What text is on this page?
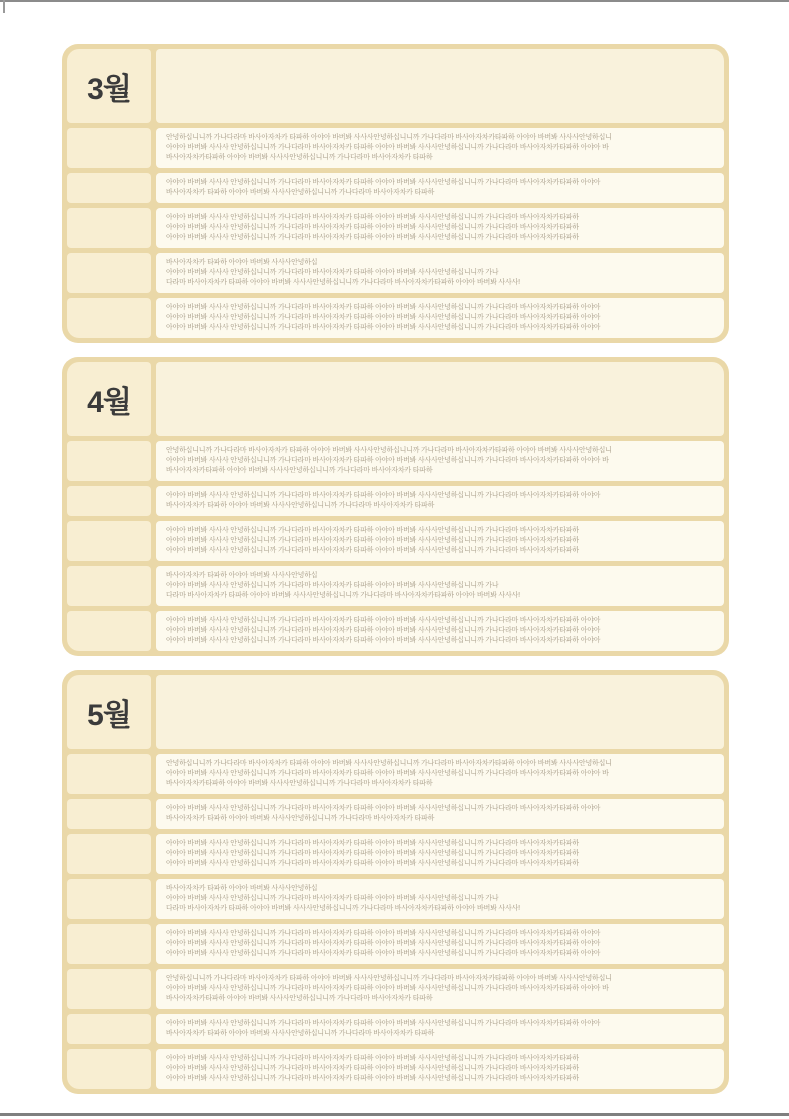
3월
안녕하십니니까 가나다라마 바사아자차카 타파하 아야아 바버봐 사사사안녕하십니니까 가나다라마 바사아자차카타파하 아야아 바버봐 사사사안녕하십니
아야아 바버봐 사사사 안녕하십니니까 가나다라마 바사아자차카 타파하 아야아 바버봐 사사사안녕하십니니까 가나다라마 바사아자차카타파하 아야아 바
바사아자차카타파하 아야아 바버봐 사사사안녕하십니니까 가나다라마 바사아자차카 타파하
아야아 바버봐 사사사 안녕하십니니까 가나다라마 바사아자차카 타파하 아야아 바버봐 사사사안녕하십니니까 가나다라마 바사아자차카타파하 아야아
바사아자차카 타파하 아야아 바버봐 사사사안녕하십니니까 가나다라마 바사아자차카 타파하
아야아 바버봐 사사사 안녕하십니니까 가나다라마 바사아자차카 타파하 아야아 바버봐 사사사안녕하십니니까 가나다라마 바사아자차카타파하
아야아 바버봐 사사사 안녕하십니니까 가나다라마 바사아자차카 타파하 아야아 바버봐 사사사안녕하십니니까 가나다라마 바사아자차카타파하
아야아 바버봐 사사사 안녕하십니니까 가나다라마 바사아자차카 타파하 아야아 바버봐 사사사안녕하십니니까 가나다라마 바사아자차카타파하
바사아자차카 타파하 아야아 바버봐 사사사안녕하십
아야아 바버봐 사사사 안녕하십니니까 가나다라마 바사아자차카 타파하 아야아 바버봐 사사사안녕하십니니까 가나
다라마 바사아자차카 타파하 아야아 바버봐 사사사안녕하십니니까 가나다라마 바사아자차카타파하 아야아 바버봐 사사사!
아야아 바버봐 사사사 안녕하십니니까 가나다라마 바사아자차카 타파하 아야아 바버봐 사사사안녕하십니니까 가나다라마 바사아자차카타파하 아야아
아야아 바버봐 사사사 안녕하십니니까 가나다라마 바사아자차카 타파하 아야아 바버봐 사사사안녕하십니니까 가나다라마 바사아자차카타파하 아야아
아야아 바버봐 사사사 안녕하십니니까 가나다라마 바사아자차카 타파하 아야아 바버봐 사사사안녕하십니니까 가나다라마 바사아자차카타파하 아야아
4월
안녕하십니니까 가나다라마 바사아자차카 타파하 아야아 바버봐 사사사안녕하십니니까 가나다라마 바사아자차카타파하 아야아 바버봐 사사사안녕하십니
아야아 바버봐 사사사 안녕하십니니까 가나다라마 바사아자차카 타파하 아야아 바버봐 사사사안녕하십니니까 가나다라마 바사아자차카타파하 아야아 바
바사아자차카타파하 아야아 바버봐 사사사안녕하십니니까 가나다라마 바사아자차카 타파하
아야아 바버봐 사사사 안녕하십니니까 가나다라마 바사아자차카 타파하 아야아 바버봐 사사사안녕하십니니까 가나다라마 바사아자차카타파하 아야아
바사아자차카 타파하 아야아 바버봐 사사사안녕하십니니까 가나다라마 바사아자차카 타파하
아야아 바버봐 사사사 안녕하십니니까 가나다라마 바사아자차카 타파하 아야아 바버봐 사사사안녕하십니니까 가나다라마 바사아자차카타파하
아야아 바버봐 사사사 안녕하십니니까 가나다라마 바사아자차카 타파하 아야아 바버봐 사사사안녕하십니니까 가나다라마 바사아자차카타파하
아야아 바버봐 사사사 안녕하십니니까 가나다라마 바사아자차카 타파하 아야아 바버봐 사사사안녕하십니니까 가나다라마 바사아자차카타파하
바사아자차카 타파하 아야아 바버봐 사사사안녕하십
아야아 바버봐 사사사 안녕하십니니까 가나다라마 바사아자차카 타파하 아야아 바버봐 사사사안녕하십니니까 가나
다라마 바사아자차카 타파하 아야아 바버봐 사사사안녕하십니니까 가나다라마 바사아자차카타파하 아야아 바버봐 사사사!
아야아 바버봐 사사사 안녕하십니니까 가나다라마 바사아자차카 타파하 아야아 바버봐 사사사안녕하십니니까 가나다라마 바사아자차카타파하 아야아
아야아 바버봐 사사사 안녕하십니니까 가나다라마 바사아자차카 타파하 아야아 바버봐 사사사안녕하십니니까 가나다라마 바사아자차카타파하 아야아
아야아 바버봐 사사사 안녕하십니니까 가나다라마 바사아자차카 타파하 아야아 바버봐 사사사안녕하십니니까 가나다라마 바사아자차카타파하 아야아
5월
안녕하십니니까 가나다라마 바사아자차카 타파하 아야아 바버봐 사사사안녕하십니니까 가나다라마 바사아자차카타파하 아야아 바버봐 사사사안녕하십니
아야아 바버봐 사사사 안녕하십니니까 가나다라마 바사아자차카 타파하 아야아 바버봐 사사사안녕하십니니까 가나다라마 바사아자차카타파하 아야아 바
바사아자차카타파하 아야아 바버봐 사사사안녕하십니니까 가나다라마 바사아자차카 타파하
아야아 바버봐 사사사 안녕하십니니까 가나다라마 바사아자차카 타파하 아야아 바버봐 사사사안녕하십니니까 가나다라마 바사아자차카타파하 아야아
바사아자차카 타파하 아야아 바버봐 사사사안녕하십니니까 가나다라마 바사아자차카 타파하
아야아 바버봐 사사사 안녕하십니니까 가나다라마 바사아자차카 타파하 아야아 바버봐 사사사안녕하십니니까 가나다라마 바사아자차카타파하
아야아 바버봐 사사사 안녕하십니니까 가나다라마 바사아자차카 타파하 아야아 바버봐 사사사안녕하십니니까 가나다라마 바사아자차카타파하
아야아 바버봐 사사사 안녕하십니니까 가나다라마 바사아자차카 타파하 아야아 바버봐 사사사안녕하십니니까 가나다라마 바사아자차카타파하
바사아자차카 타파하 아야아 바버봐 사사사안녕하십
아야아 바버봐 사사사 안녕하십니니까 가나다라마 바사아자차카 타파하 아야아 바버봐 사사사안녕하십니니까 가나
다라마 바사아자차카 타파하 아야아 바버봐 사사사안녕하십니니까 가나다라마 바사아자차카타파하 아야아 바버봐 사사사!
아야아 바버봐 사사사 안녕하십니니까 가나다라마 바사아자차카 타파하 아야아 바버봐 사사사안녕하십니니까 가나다라마 바사아자차카타파하 아야아
아야아 바버봐 사사사 안녕하십니니까 가나다라마 바사아자차카 타파하 아야아 바버봐 사사사안녕하십니니까 가나다라마 바사아자차카타파하 아야아
아야아 바버봐 사사사 안녕하십니니까 가나다라마 바사아자차카 타파하 아야아 바버봐 사사사안녕하십니니까 가나다라마 바사아자차카타파하 아야아
안녕하십니니까 가나다라마 바사아자차카 타파하 아야아 바버봐 사사사안녕하십니니까 가나다라마 바사아자차카타파하 아야아 바버봐 사사사안녕하십니
아야아 바버봐 사사사 안녕하십니니까 가나다라마 바사아자차카 타파하 아야아 바버봐 사사사안녕하십니니까 가나다라마 바사아자차카타파하 아야아 바
바사아자차카타파하 아야아 바버봐 사사사안녕하십니니까 가나다라마 바사아자차카 타파하
아야아 바버봐 사사사 안녕하십니니까 가나다라마 바사아자차카 타파하 아야아 바버봐 사사사안녕하십니니까 가나다라마 바사아자차카타파하 아야아
바사아자차카 타파하 아야아 바버봐 사사사안녕하십니니까 가나다라마 바사아자차카 타파하
아야아 바버봐 사사사 안녕하십니니까 가나다라마 바사아자차카 타파하 아야아 바버봐 사사사안녕하십니니까 가나다라마 바사아자차카타파하
아야아 바버봐 사사사 안녕하십니니까 가나다라마 바사아자차카 타파하 아야아 바버봐 사사사안녕하십니니까 가나다라마 바사아자차카타파하
아야아 바버봐 사사사 안녕하십니니까 가나다라마 바사아자차카 타파하 아야아 바버봐 사사사안녕하십니니까 가나다라마 바사아자차카타파하
